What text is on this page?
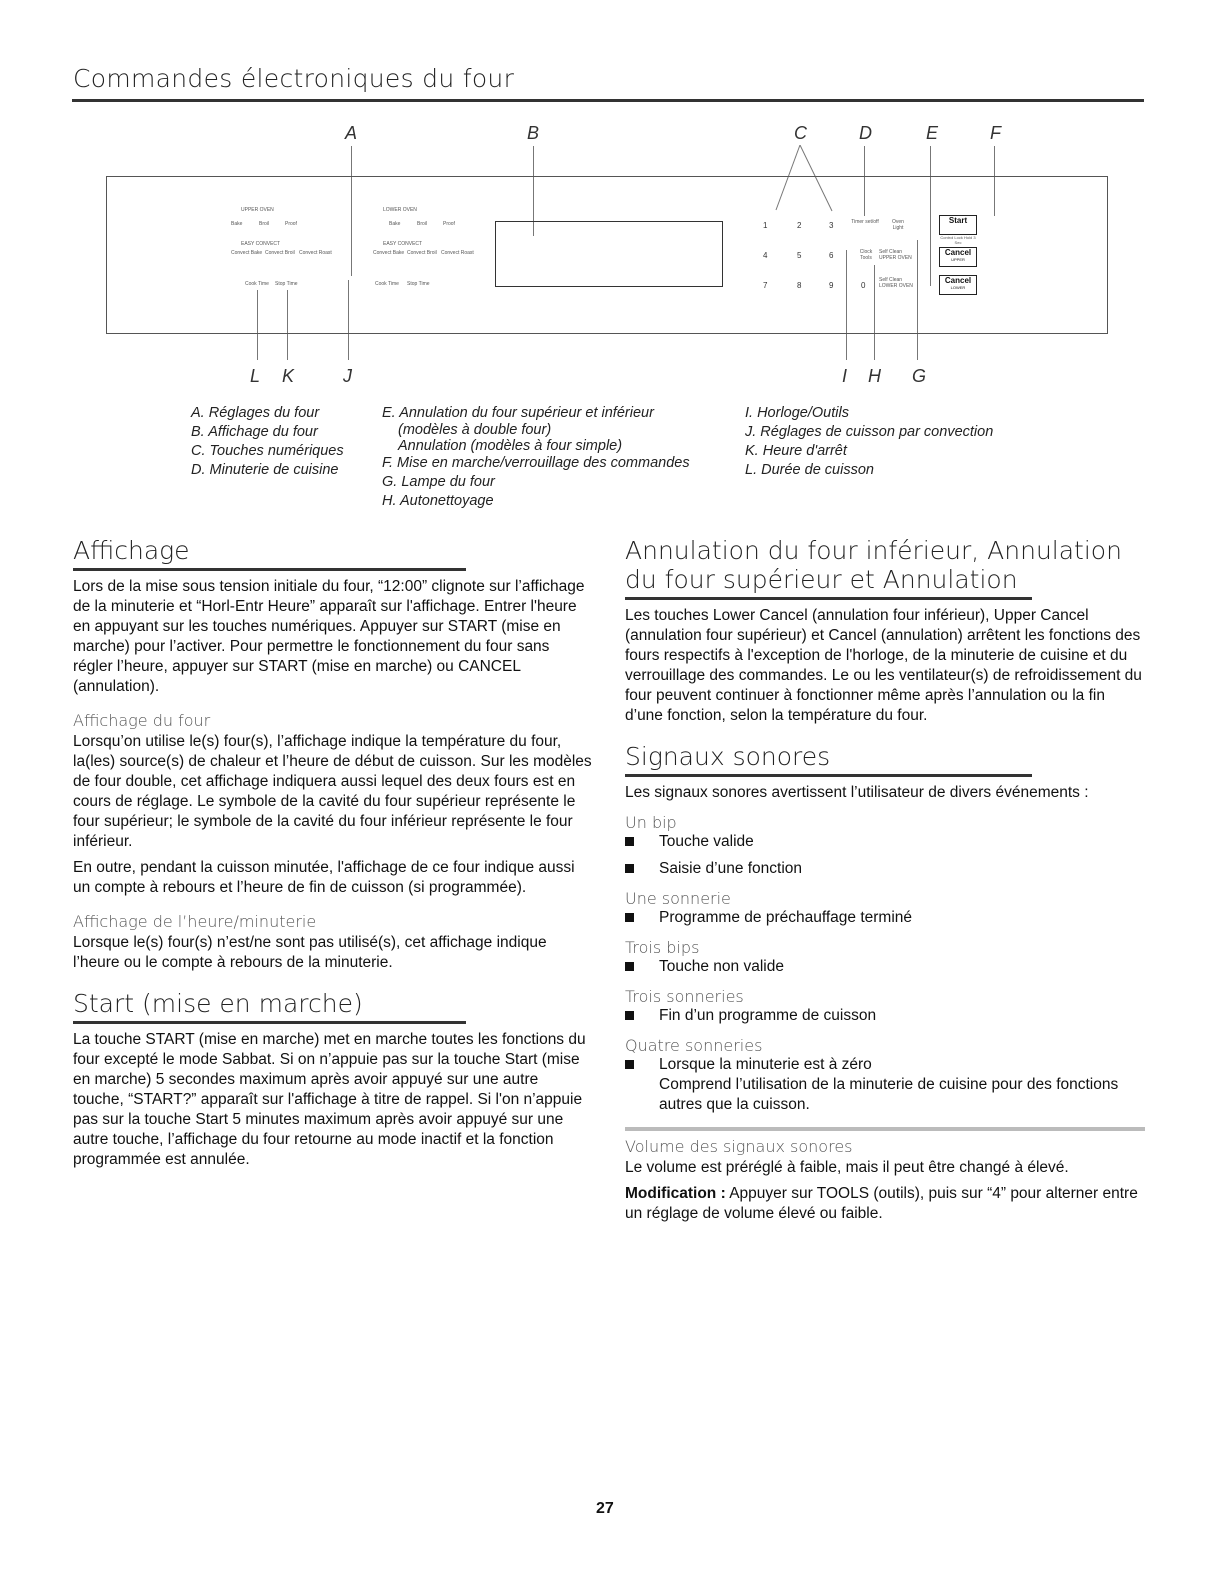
Commandes électroniques du four
A	B	C	D	E	F
L K	J	I H G
UPPER OVEN
Bake	Broil	Proof
EASY CONVECT
Convect Bake Convect Broil Convect Roast
Cook Time Stop Time
LOWER OVEN
Bake	Broil	Proof
EASY CONVECT
Convect Bake Convect Broil Convect Roast
Cook Time Stop Time
1	2	3
4	5	6
7	8	9	0
Timer set/off	Oven Light
Clock Tools
Self Clean UPPER OVEN
Self Clean LOWER OVEN
Start
Control Lock Hold 3 Sec
Cancel
UPPER
Cancel
LOWER
A. Réglages du four
B. Affichage du four
C. Touches numériques
D. Minuterie de cuisine
E. Annulation du four supérieur et inférieur
(modèles à double four)
Annulation (modèles à four simple)
F. Mise en marche/verrouillage des commandes
G. Lampe du four
H. Autonettoyage
I. Horloge/Outils
J. Réglages de cuisson par convection
K. Heure d'arrêt
L. Durée de cuisson
Affichage
Lors de la mise sous tension initiale du four, “12:00” clignote sur l’affichage de la minuterie et “Horl-Entr Heure” apparaît sur l'affichage. Entrer l'heure en appuyant sur les touches numériques. Appuyer sur START (mise en marche) pour l’activer. Pour permettre le fonctionnement du four sans régler l’heure, appuyer sur START (mise en marche) ou CANCEL (annulation).
Affichage du four
Lorsqu’on utilise le(s) four(s), l’affichage indique la température du four, la(les) source(s) de chaleur et l’heure de début de cuisson. Sur les modèles de four double, cet affichage indiquera aussi lequel des deux fours est en cours de réglage. Le symbole de la cavité du four supérieur représente le four supérieur; le symbole de la cavité du four inférieur représente le four inférieur.
En outre, pendant la cuisson minutée, l'affichage de ce four indique aussi un compte à rebours et l’heure de fin de cuisson (si programmée).
Affichage de l’heure/minuterie
Lorsque le(s) four(s) n’est/ne sont pas utilisé(s), cet affichage indique l’heure ou le compte à rebours de la minuterie.
Start (mise en marche)
La touche START (mise en marche) met en marche toutes les fonctions du four excepté le mode Sabbat. Si on n’appuie pas sur la touche Start (mise en marche) 5 secondes maximum après avoir appuyé sur une autre touche, “START?” apparaît sur l'affichage à titre de rappel. Si l'on n’appuie pas sur la touche Start 5 minutes maximum après avoir appuyé sur une autre touche, l’affichage du four retourne au mode inactif et la fonction programmée est annulée.
Annulation du four inférieur, Annulation
du four supérieur et Annulation
Les touches Lower Cancel (annulation four inférieur), Upper Cancel (annulation four supérieur) et Cancel (annulation) arrêtent les fonctions des fours respectifs à l'exception de l'horloge, de la minuterie de cuisine et du verrouillage des commandes. Le ou les ventilateur(s) de refroidissement du four peuvent continuer à fonctionner même après l’annulation ou la fin d’une fonction, selon la température du four.
Signaux sonores
Les signaux sonores avertissent l’utilisateur de divers événements :
Un bip
Touche valide
Saisie d’une fonction
Une sonnerie
Programme de préchauffage terminé
Trois bips
Touche non valide
Trois sonneries
Fin d’un programme de cuisson
Quatre sonneries
Lorsque la minuterie est à zéro
Comprend l’utilisation de la minuterie de cuisine pour des fonctions autres que la cuisson.
Volume des signaux sonores
Le volume est préréglé à faible, mais il peut être changé à élevé.
Modification : Appuyer sur TOOLS (outils), puis sur “4” pour alterner entre un réglage de volume élevé ou faible.
27
